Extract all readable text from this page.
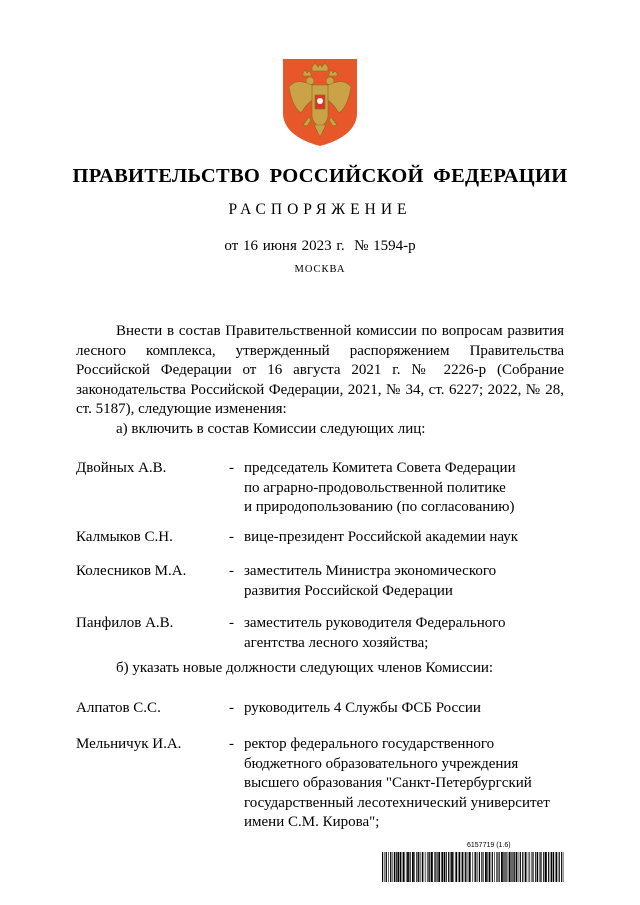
ПРАВИТЕЛЬСТВО РОССИЙСКОЙ ФЕДЕРАЦИИ
РАСПОРЯЖЕНИЕ
от 16 июня 2023 г.  № 1594-р
МОСКВА
Внести в состав Правительственной комиссии по вопросам развития лесного комплекса, утвержденный распоряжением Правительства Российской Федерации от 16 августа 2021 г. № 2226-р (Собрание законодательства Российской Федерации, 2021, № 34, ст. 6227; 2022, № 28, ст. 5187), следующие изменения:
а) включить в состав Комиссии следующих лиц:
Двойных А.В.	- председатель Комитета Совета Федерации
по аграрно-продовольственной политике
и природопользованию (по согласованию)
Калмыков С.Н.	- вице-президент Российской академии наук
Колесников М.А.	- заместитель Министра экономического
развития Российской Федерации
Панфилов А.В.	- заместитель руководителя Федерального
агентства лесного хозяйства;
б) указать новые должности следующих членов Комиссии:
Алпатов С.С.	- руководитель 4 Службы ФСБ России
Мельничук И.А.	- ректор федерального государственного
бюджетного образовательного учреждения
высшего образования "Санкт-Петербургский
государственный лесотехнический университет
имени С.М. Кирова";
6157719 (1.6)
